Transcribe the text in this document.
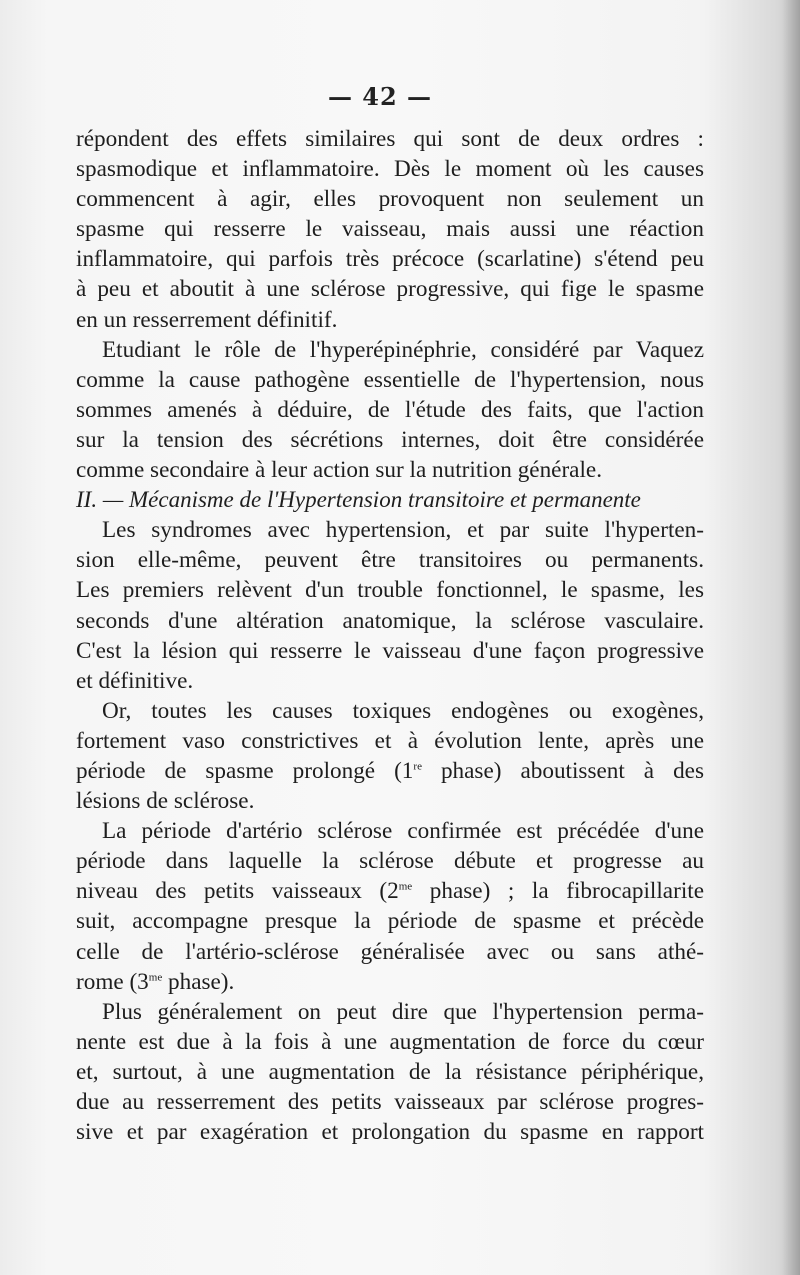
— 42 —

répondent des effets similaires qui sont de deux ordres :
spasmodique et inflammatoire. Dès le moment où les causes
commencent à agir, elles provoquent non seulement un
spasme qui resserre le vaisseau, mais aussi une réaction
inflammatoire, qui parfois très précoce (scarlatine) s'étend peu
à peu et aboutit à une sclérose progressive, qui fige le spasme
en un resserrement définitif.

Etudiant le rôle de l'hyperépinéphrie, considéré par Vaquez
comme la cause pathogène essentielle de l'hypertension, nous
sommes amenés à déduire, de l'étude des faits, que l'action
sur la tension des sécrétions internes, doit être considérée
comme secondaire à leur action sur la nutrition générale.

II. — Mécanisme de l'Hypertension transitoire et permanente

Les syndromes avec hypertension, et par suite l'hyperten-
sion elle-même, peuvent être transitoires ou permanents.
Les premiers relèvent d'un trouble fonctionnel, le spasme, les
seconds d'une altération anatomique, la sclérose vasculaire.
C'est la lésion qui resserre le vaisseau d'une façon progressive
et définitive.

Or, toutes les causes toxiques endogènes ou exogènes,
fortement vaso constrictives et à évolution lente, après une
période de spasme prolongé (1re phase) aboutissent à des
lésions de sclérose.

La période d'artério sclérose confirmée est précédée d'une
période dans laquelle la sclérose débute et progresse au
niveau des petits vaisseaux ($2^{me}$ phase) ; la fibrocapillarite
suit, accompagne presque la période de spasme et précède
celle de l'artério-sclérose généralisée avec ou sans athé-
rome ($3^{me}$ phase).

Plus généralement on peut dire que l'hypertension perma-
nente est due à la fois à une augmentation de force du cœur
et, surtout, à une augmentation de la résistance périphérique,
due au resserrement des petits vaisseaux par sclérose progres-
sive et par exagération et prolongation du spasme en rapport
